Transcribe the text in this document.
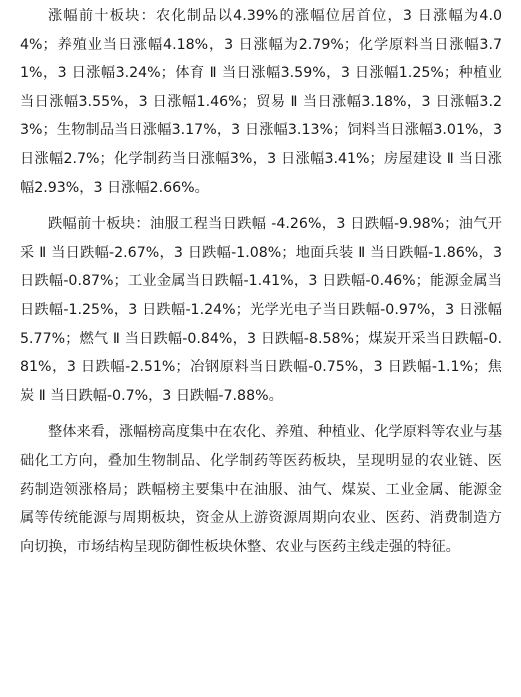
涨幅前十板块：农化制品以4.39%的涨幅位居首位，3 日涨幅为4.04%；养殖业当日涨幅4.18%，3 日涨幅为2.79%；化学原料当日涨幅3.71%，3 日涨幅3.24%；体育 Ⅱ 当日涨幅3.59%，3 日涨幅1.25%；种植业当日涨幅3.55%，3 日涨幅1.46%；贸易 Ⅱ 当日涨幅3.18%，3 日涨幅3.23%；生物制品当日涨幅3.17%，3 日涨幅3.13%；饲料当日涨幅3.01%，3 日涨幅2.7%；化学制药当日涨幅3%，3 日涨幅3.41%；房屋建设 Ⅱ 当日涨幅2.93%，3 日涨幅2.66%。

跌幅前十板块：油服工程当日跌幅 -4.26%，3 日跌幅-9.98%；油气开采 Ⅱ 当日跌幅-2.67%，3 日跌幅-1.08%；地面兵装 Ⅱ 当日跌幅-1.86%，3 日跌幅-0.87%；工业金属当日跌幅-1.41%，3 日跌幅-0.46%；能源金属当日跌幅-1.25%，3 日跌幅-1.24%；光学光电子当日跌幅-0.97%，3 日涨幅5.77%；燃气 Ⅱ 当日跌幅-0.84%，3 日跌幅-8.58%；煤炭开采当日跌幅-0.81%，3 日跌幅-2.51%；冶钢原料当日跌幅-0.75%，3 日跌幅-1.1%；焦炭 Ⅱ 当日跌幅-0.7%，3 日跌幅-7.88%。

整体来看，涨幅榜高度集中在农化、养殖、种植业、化学原料等农业与基础化工方向，叠加生物制品、化学制药等医药板块，呈现明显的农业链、医药制造领涨格局；跌幅榜主要集中在油服、油气、煤炭、工业金属、能源金属等传统能源与周期板块，资金从上游资源周期向农业、医药、消费制造方向切换，市场结构呈现防御性板块休整、农业与医药主线走强的特征。
